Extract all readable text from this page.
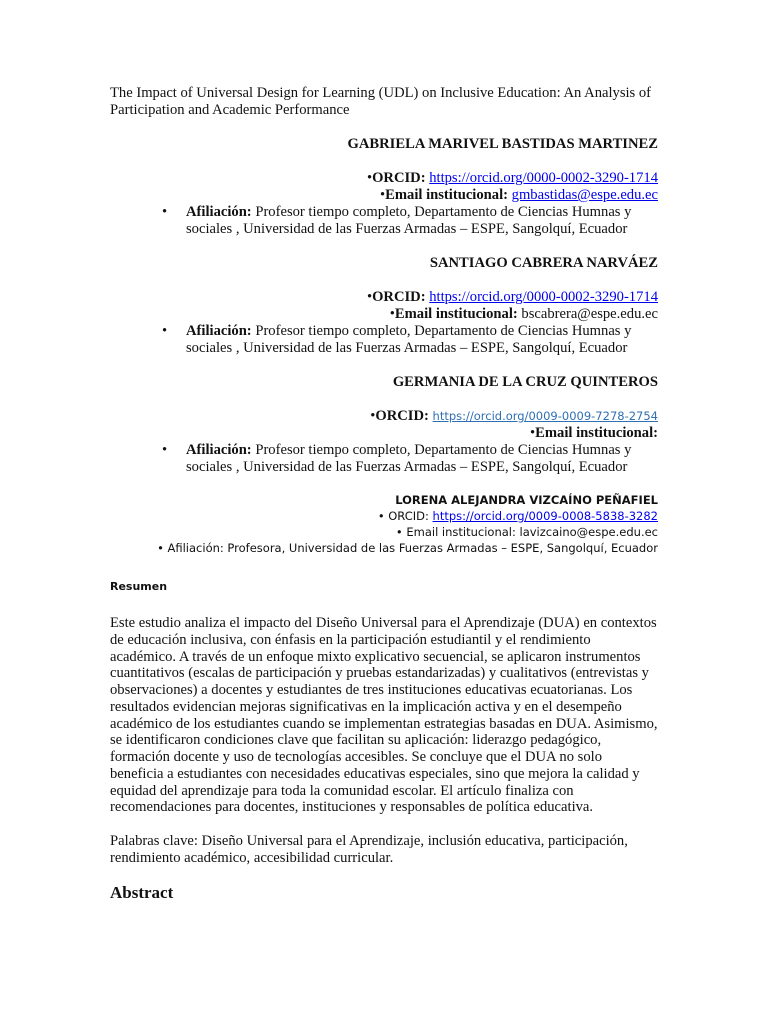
The Impact of Universal Design for Learning (UDL) on Inclusive Education: An Analysis of Participation and Academic Performance

GABRIELA MARIVEL BASTIDAS MARTINEZ

• ORCID: https://orcid.org/0000-0002-3290-1714
• Email institucional: gmbastidas@espe.edu.ec
• Afiliación: Profesor tiempo completo, Departamento de Ciencias Humnas y
sociales , Universidad de las Fuerzas Armadas – ESPE, Sangolquí, Ecuador

SANTIAGO CABRERA NARVÁEZ

• ORCID: https://orcid.org/0000-0002-3290-1714
• Email institucional: bscabrera@espe.edu.ec
• Afiliación: Profesor tiempo completo, Departamento de Ciencias Humnas y
sociales , Universidad de las Fuerzas Armadas – ESPE, Sangolquí, Ecuador

GERMANIA DE LA CRUZ QUINTEROS

• ORCID: https://orcid.org/0009-0009-7278-2754
• Email institucional:
• Afiliación: Profesor tiempo completo, Departamento de Ciencias Humnas y
sociales , Universidad de las Fuerzas Armadas – ESPE, Sangolquí, Ecuador
LORENA ALEJANDRA VIZCAÍNO PEÑAFIEL
• ORCID: https://orcid.org/0009-0008-5838-3282
• Email institucional: lavizcaino@espe.edu.ec
• Afiliación: Profesora, Universidad de las Fuerzas Armadas – ESPE, Sangolquí, Ecuador
Resumen

Este estudio analiza el impacto del Diseño Universal para el Aprendizaje (DUA) en contextos de educación inclusiva, con énfasis en la participación estudiantil y el rendimiento académico. A través de un enfoque mixto explicativo secuencial, se aplicaron instrumentos cuantitativos (escalas de participación y pruebas estandarizadas) y cualitativos (entrevistas y observaciones) a docentes y estudiantes de tres instituciones educativas ecuatorianas. Los resultados evidencian mejoras significativas en la implicación activa y en el desempeño académico de los estudiantes cuando se implementan estrategias basadas en DUA. Asimismo, se identificaron condiciones clave que facilitan su aplicación: liderazgo pedagógico, formación docente y uso de tecnologías accesibles. Se concluye que el DUA no solo beneficia a estudiantes con necesidades educativas especiales, sino que mejora la calidad y equidad del aprendizaje para toda la comunidad escolar. El artículo finaliza con recomendaciones para docentes, instituciones y responsables de política educativa.

Palabras clave: Diseño Universal para el Aprendizaje, inclusión educativa, participación, rendimiento académico, accesibilidad curricular.

Abstract
